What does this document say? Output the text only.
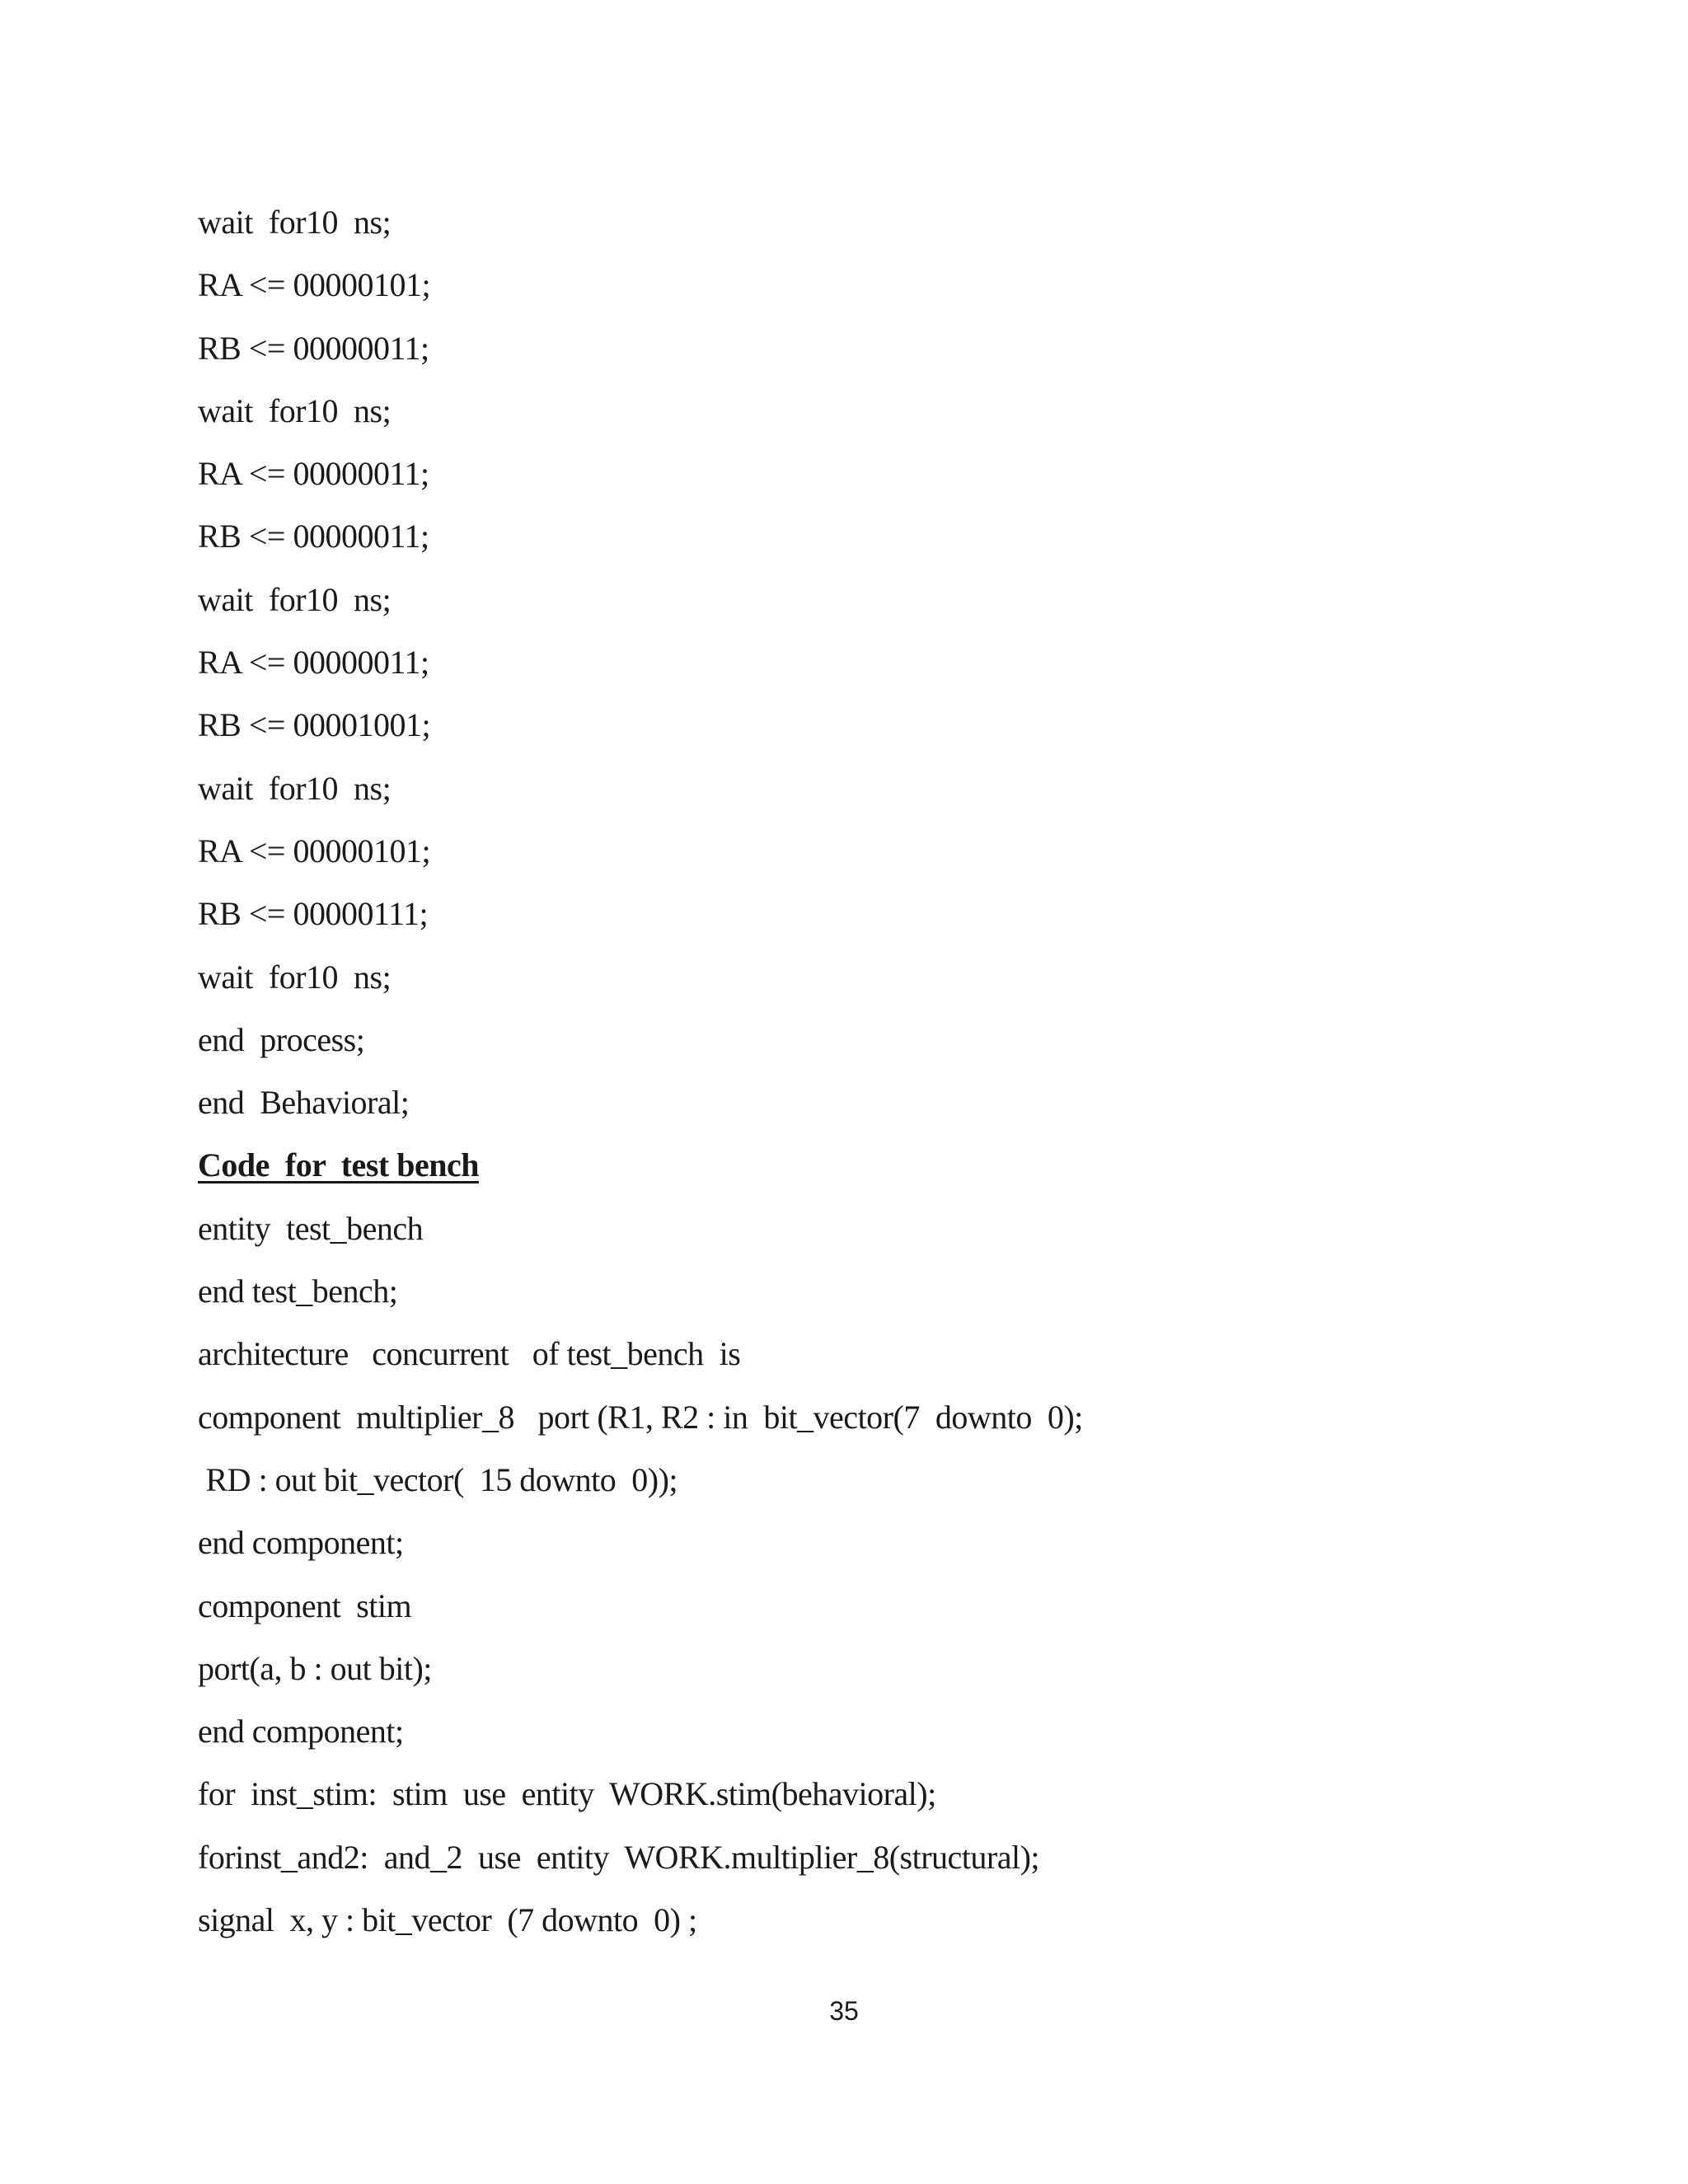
wait  for10  ns;
RA <= 00000101;
RB <= 00000011;
wait  for10  ns;
RA <= 00000011;
RB <= 00000011;
wait  for10  ns;
RA <= 00000011;
RB <= 00001001;
wait  for10  ns;
RA <= 00000101;
RB <= 00000111;
wait  for10  ns;
end  process;
end  Behavioral;
Code  for  test bench
entity  test_bench
end test_bench;
architecture   concurrent   of test_bench  is
component  multiplier_8   port (R1, R2 : in  bit_vector(7  downto  0);
RD : out bit_vector(  15 downto  0));
end component;
component  stim
port(a, b : out bit);
end component;
for  inst_stim:  stim  use  entity  WORK.stim(behavioral);
forinst_and2:  and_2  use  entity  WORK.multiplier_8(structural);
signal  x, y : bit_vector  (7 downto  0) ;
35
